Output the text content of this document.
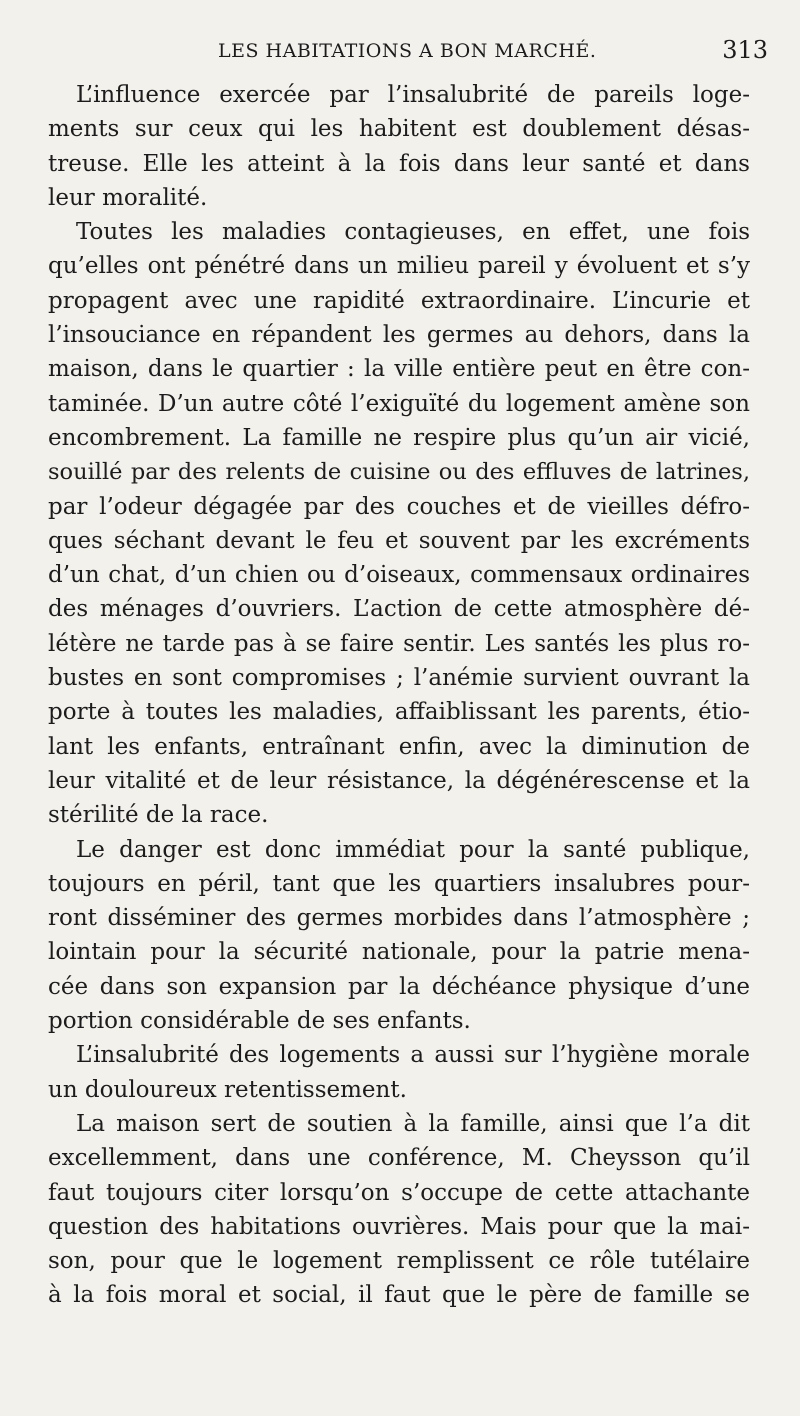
LES HABITATIONS A BON MARCHÉ.	313
L’influence exercée par l’insalubrité de pareils loge-
ments sur ceux qui les habitent est doublement désas-
treuse. Elle les atteint à la fois dans leur santé et dans
leur moralité.
Toutes les maladies contagieuses, en effet, une fois
qu’elles ont pénétré dans un milieu pareil y évoluent et s’y
propagent avec une rapidité extraordinaire. L’incurie et
l’insouciance en répandent les germes au dehors, dans la
maison, dans le quartier : la ville entière peut en être con-
taminée. D’un autre côté l’exiguïté du logement amène son
encombrement. La famille ne respire plus qu’un air vicié,
souillé par des relents de cuisine ou des effluves de latrines,
par l’odeur dégagée par des couches et de vieilles défro-
ques séchant devant le feu et souvent par les excréments
d’un chat, d’un chien ou d’oiseaux, commensaux ordinaires
des ménages d’ouvriers. L’action de cette atmosphère dé-
létère ne tarde pas à se faire sentir. Les santés les plus ro-
bustes en sont compromises ; l’anémie survient ouvrant la
porte à toutes les maladies, affaiblissant les parents, étio-
lant les enfants, entraînant enfin, avec la diminution de
leur vitalité et de leur résistance, la dégénérescense et la
stérilité de la race.
Le danger est donc immédiat pour la santé publique,
toujours en péril, tant que les quartiers insalubres pour-
ront disséminer des germes morbides dans l’atmosphère ;
lointain pour la sécurité nationale, pour la patrie mena-
cée dans son expansion par la déchéance physique d’une
portion considérable de ses enfants.
L’insalubrité des logements a aussi sur l’hygiène morale
un douloureux retentissement.
La maison sert de soutien à la famille, ainsi que l’a dit
excellemment, dans une conférence, M. Cheysson qu’il
faut toujours citer lorsqu’on s’occupe de cette attachante
question des habitations ouvrières. Mais pour que la mai-
son, pour que le logement remplissent ce rôle tutélaire
à la fois moral et social, il faut que le père de famille se
